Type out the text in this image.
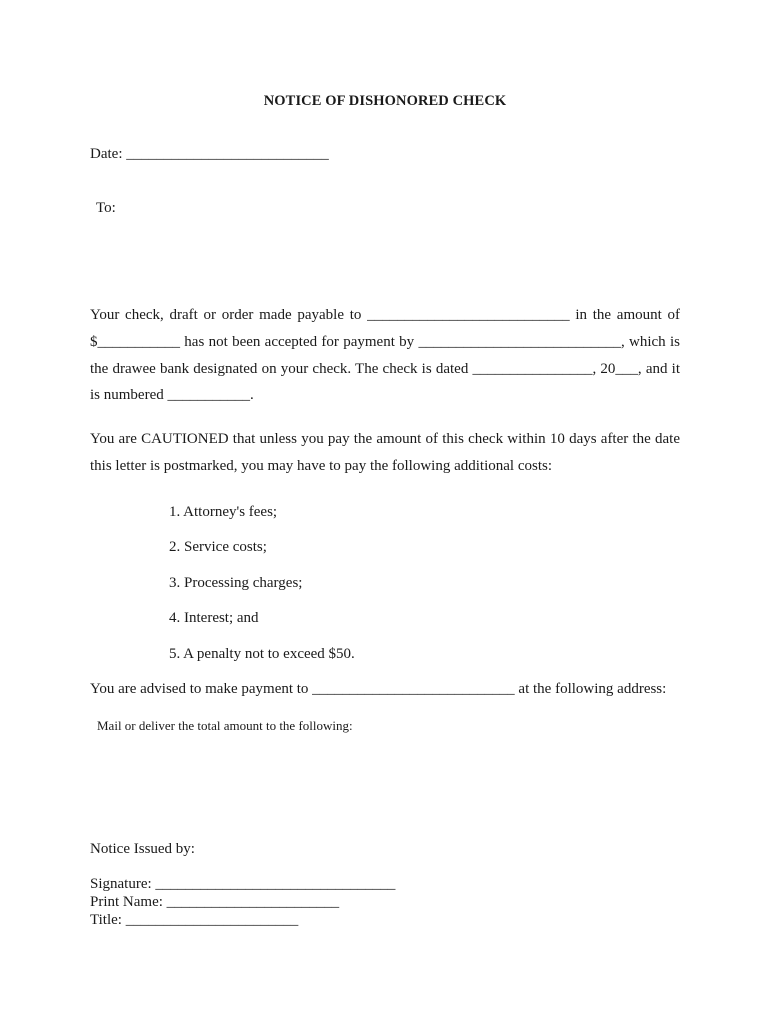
NOTICE OF DISHONORED CHECK
Date: ___________________________
To:
Your check, draft or order made payable to ___________________________ in the amount of
$___________ has not been accepted for payment by ___________________________, which is
the drawee bank designated on your check. The check is dated ________________, 20___, and it
is numbered ___________.
You are CAUTIONED that unless you pay the amount of this check within 10 days after the date
this letter is postmarked, you may have to pay the following additional costs:
1. Attorney's fees;
2. Service costs;
3. Processing charges;
4. Interest; and
5. A penalty not to exceed $50.
You are advised to make payment to ___________________________ at the following address:
Mail or deliver the total amount to the following:
Notice Issued by:
Signature: ________________________________
Print Name: _______________________
Title: _______________________
